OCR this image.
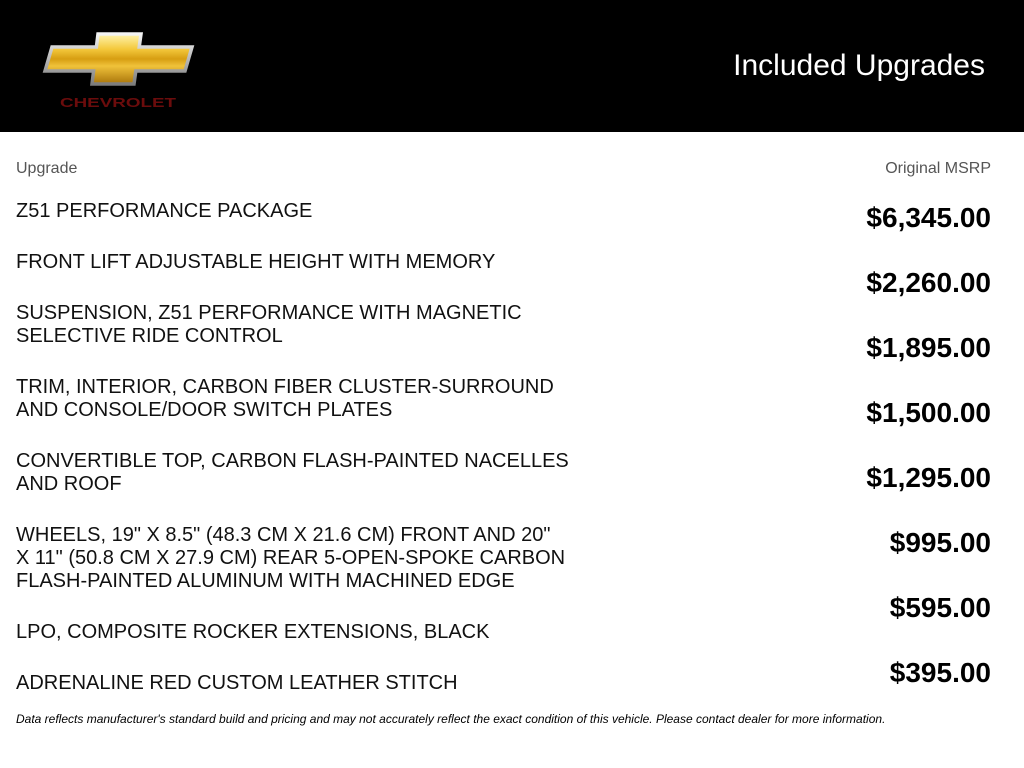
CHEVROLET
Included Upgrades
Upgrade	Original MSRP
Z51 PERFORMANCE PACKAGE
FRONT LIFT ADJUSTABLE HEIGHT WITH MEMORY
SUSPENSION, Z51 PERFORMANCE WITH MAGNETIC
SELECTIVE RIDE CONTROL
TRIM, INTERIOR, CARBON FIBER CLUSTER-SURROUND
AND CONSOLE/DOOR SWITCH PLATES
CONVERTIBLE TOP, CARBON FLASH-PAINTED NACELLES
AND ROOF
WHEELS, 19" X 8.5" (48.3 CM X 21.6 CM) FRONT AND 20"
X 11" (50.8 CM X 27.9 CM) REAR 5-OPEN-SPOKE CARBON
FLASH-PAINTED ALUMINUM WITH MACHINED EDGE
LPO, COMPOSITE ROCKER EXTENSIONS, BLACK
ADRENALINE RED CUSTOM LEATHER STITCH
$6,345.00
$2,260.00
$1,895.00
$1,500.00
$1,295.00
$995.00
$595.00
$395.00
Data reflects manufacturer's standard build and pricing and may not accurately reflect the exact condition of this vehicle. Please contact dealer for more information.
